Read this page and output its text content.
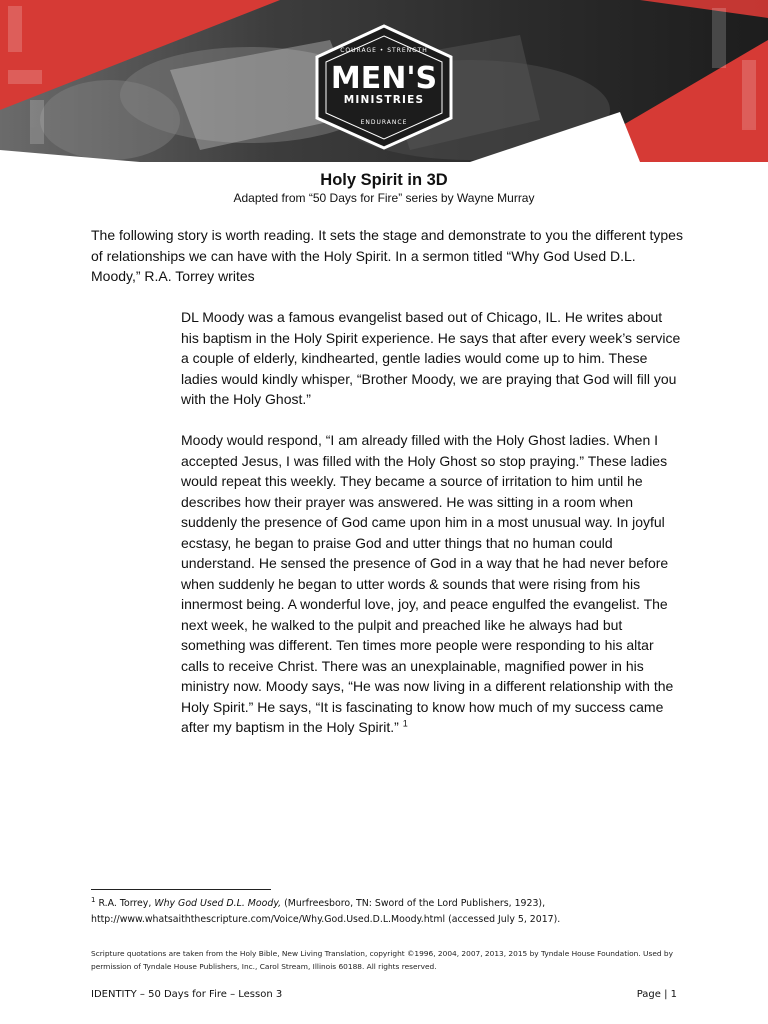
COURAGE • STRENGTH
MEN'S
MINISTRIES
ENDURANCE
Holy Spirit in 3D
Adapted from “50 Days for Fire” series by Wayne Murray

The following story is worth reading. It sets the stage and demonstrate to you the different types of relationships we can have with the Holy Spirit. In a sermon titled “Why God Used D.L. Moody,” R.A. Torrey writes

DL Moody was a famous evangelist based out of Chicago, IL. He writes about his baptism in the Holy Spirit experience. He says that after every week’s service a couple of elderly, kindhearted, gentle ladies would come up to him. These ladies would kindly whisper, “Brother Moody, we are praying that God will fill you with the Holy Ghost.”

Moody would respond, “I am already filled with the Holy Ghost ladies. When I accepted Jesus, I was filled with the Holy Ghost so stop praying.” These ladies would repeat this weekly. They became a source of irritation to him until he describes how their prayer was answered. He was sitting in a room when suddenly the presence of God came upon him in a most unusual way. In joyful ecstasy, he began to praise God and utter things that no human could understand. He sensed the presence of God in a way that he had never before when suddenly he began to utter words & sounds that were rising from his innermost being. A wonderful love, joy, and peace engulfed the evangelist. The next week, he walked to the pulpit and preached like he always had but something was different. Ten times more people were responding to his altar calls to receive Christ. There was an unexplainable, magnified power in his ministry now. Moody says, “He was now living in a different relationship with the Holy Spirit.” He says, “It is fascinating to know how much of my success came after my baptism in the Holy Spirit.” $^1$

$^1$ R.A. Torrey, Why God Used D.L. Moody, (Murfreesboro, TN: Sword of the Lord Publishers, 1923),
http://www.whatsaiththescripture.com/Voice/Why.God.Used.D.L.Moody.html (accessed July 5, 2017).
Scripture quotations are taken from the Holy Bible, New Living Translation, copyright ©1996, 2004, 2007, 2013, 2015 by Tyndale House Foundation. Used by permission of Tyndale House Publishers, Inc., Carol Stream, Illinois 60188. All rights reserved.
IDENTITY – 50 Days for Fire – Lesson 3	Page | 1
